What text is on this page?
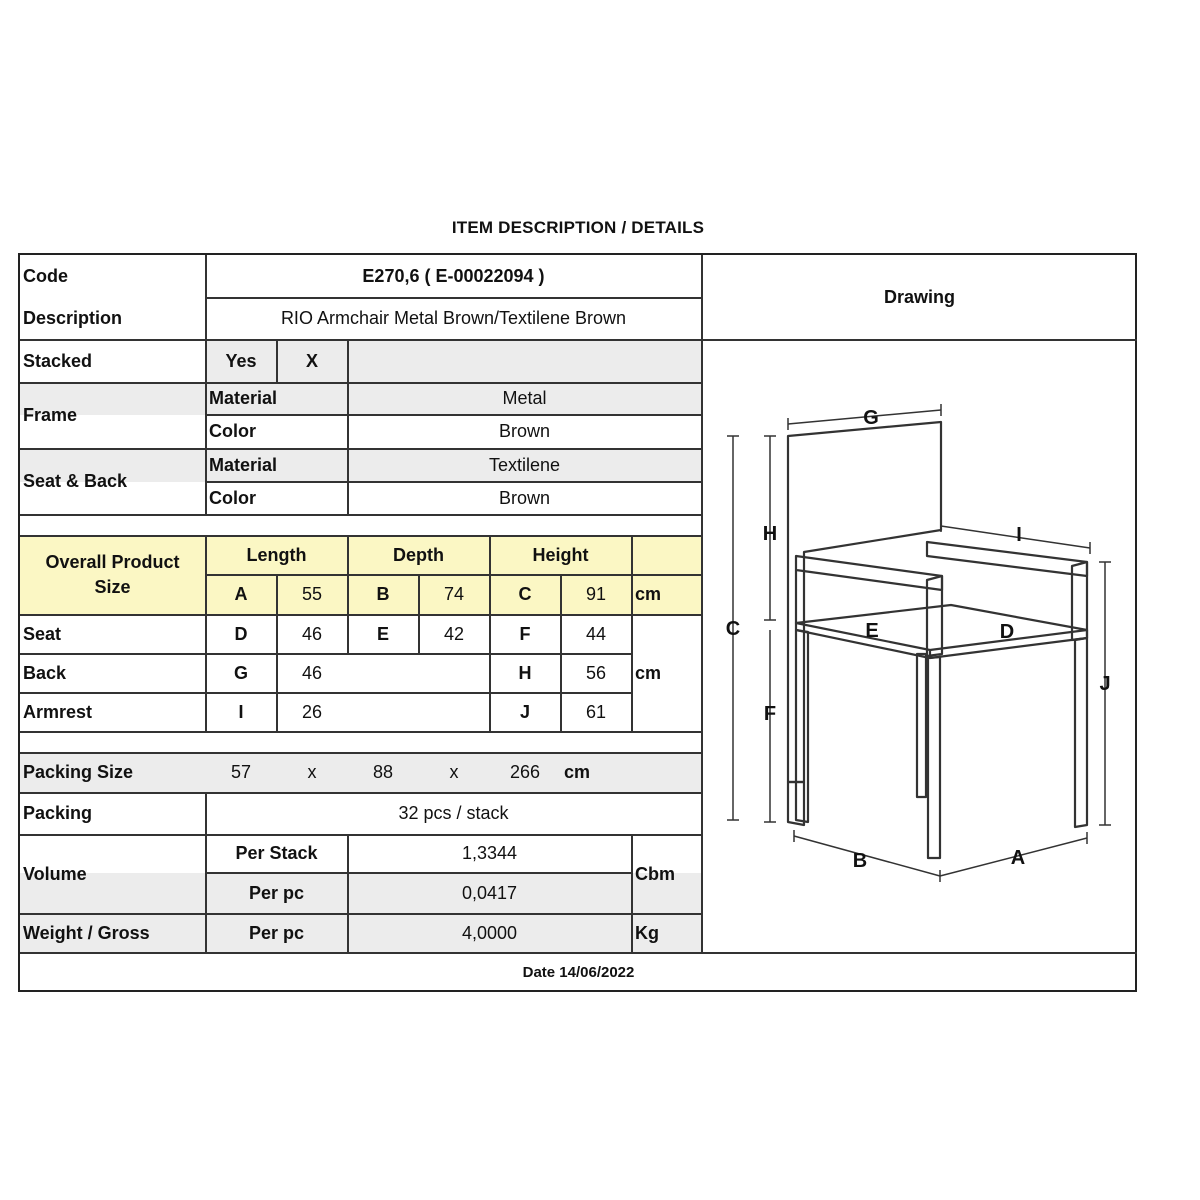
ITEM DESCRIPTION / DETAILS
Code	E270,6 ( E-00022094 )
Description	RIO Armchair Metal Brown/Textilene Brown
Drawing
Stacked	Yes	X
Frame
Material	Metal
Color	Brown
Seat & Back
Material	Textilene
Color	Brown
Overall Product Size
Length	Depth	Height
A	55	B	74	C	91	cm
Seat	D	46	E	42	F	44
Back	G	46	H	56	cm
Armrest	I	26	J	61
Packing Size	57	x	88	x	266	cm
Packing	32 pcs / stack
Volume
Per Stack	1,3344
Per pc	0,0417
Cbm
Weight / Gross	Per pc	4,0000	Kg
Date 14/06/2022
G
H
C
F
E	D
I
J
B	A
